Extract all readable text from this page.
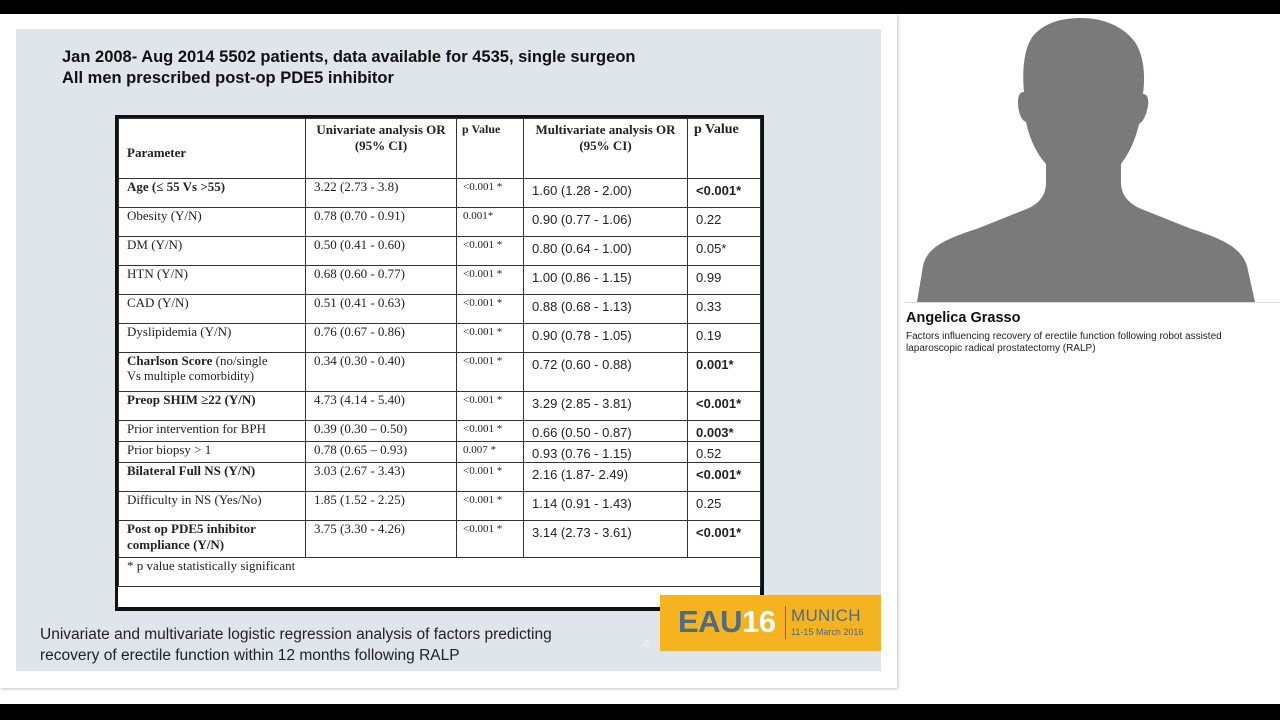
Jan 2008- Aug 2014 5502 patients, data available for 4535, single surgeon
All men prescribed post-op PDE5 inhibitor
Parameter	Univariate analysis OR (95% CI)	p Value	Multivariate analysis OR (95% CI)	p Value
Age (≤ 55 Vs >55)	3.22 (2.73 - 3.8)	<0.001 *	1.60 (1.28 - 2.00)	<0.001*
Obesity (Y/N)	0.78 (0.70 - 0.91)	0.001*	0.90 (0.77 - 1.06)	0.22
DM (Y/N)	0.50 (0.41 - 0.60)	<0.001 *	0.80 (0.64 - 1.00)	0.05*
HTN (Y/N)	0.68 (0.60 - 0.77)	<0.001 *	1.00 (0.86 - 1.15)	0.99
CAD (Y/N)	0.51 (0.41 - 0.63)	<0.001 *	0.88 (0.68 - 1.13)	0.33
Dyslipidemia (Y/N)	0.76 (0.67 - 0.86)	<0.001 *	0.90 (0.78 - 1.05)	0.19
Charlson Score (no/single
Vs multiple comorbidity)	0.34 (0.30 - 0.40)	<0.001 *	0.72 (0.60 - 0.88)	0.001*
Preop SHIM ≥22 (Y/N)	4.73 (4.14 - 5.40)	<0.001 *	3.29 (2.85 - 3.81)	<0.001*
Prior intervention for BPH	0.39 (0.30 – 0.50)	<0.001 *	0.66 (0.50 - 0.87)	0.003*
Prior biopsy > 1	0.78 (0.65 – 0.93)	0.007 *	0.93 (0.76 - 1.15)	0.52
Bilateral Full NS (Y/N)	3.03 (2.67 - 3.43)	<0.001 *	2.16 (1.87- 2.49)	<0.001*
Difficulty in NS (Yes/No)	1.85 (1.52 - 2.25)	<0.001 *	1.14 (0.91 - 1.43)	0.25
Post op PDE5 inhibitor compliance (Y/N)	3.75 (3.30 - 4.26)	<0.001 *	3.14 (2.73 - 3.61)	<0.001*
* p value statistically significant				

Univariate and multivariate logistic regression analysis of factors predicting
recovery of erectile function within 12 months following RALP

©
EAU16 MUNICH
11-15 March 2016
Angelica Grasso

Factors influencing recovery of erectile function following robot assisted laparoscopic radical prostatectomy (RALP)
